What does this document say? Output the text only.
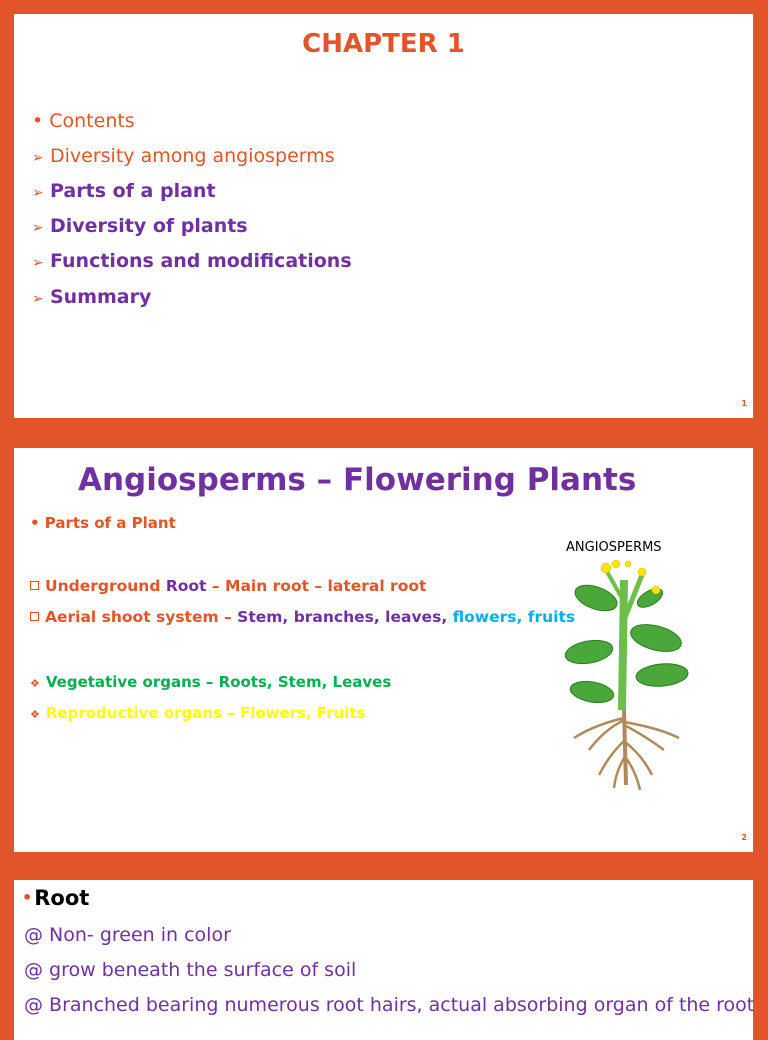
CHAPTER 1
• Contents
➢ Diversity among angiosperms
➢ Parts of a plant
➢ Diversity of plants
➢ Functions and modifications
➢ Summary
1
Angiosperms – Flowering Plants
• Parts of a Plant
Underground Root – Main root – lateral root
Aerial shoot system – Stem, branches, leaves, flowers, fruits
❖ Vegetative organs – Roots, Stem, Leaves
❖ Reproductive organs – Flowers, Fruits
ANGIOSPERMS
2
•Root
@ Non- green in color
@ grow beneath the surface of soil
@ Branched bearing numerous root hairs, actual absorbing organ of the root
